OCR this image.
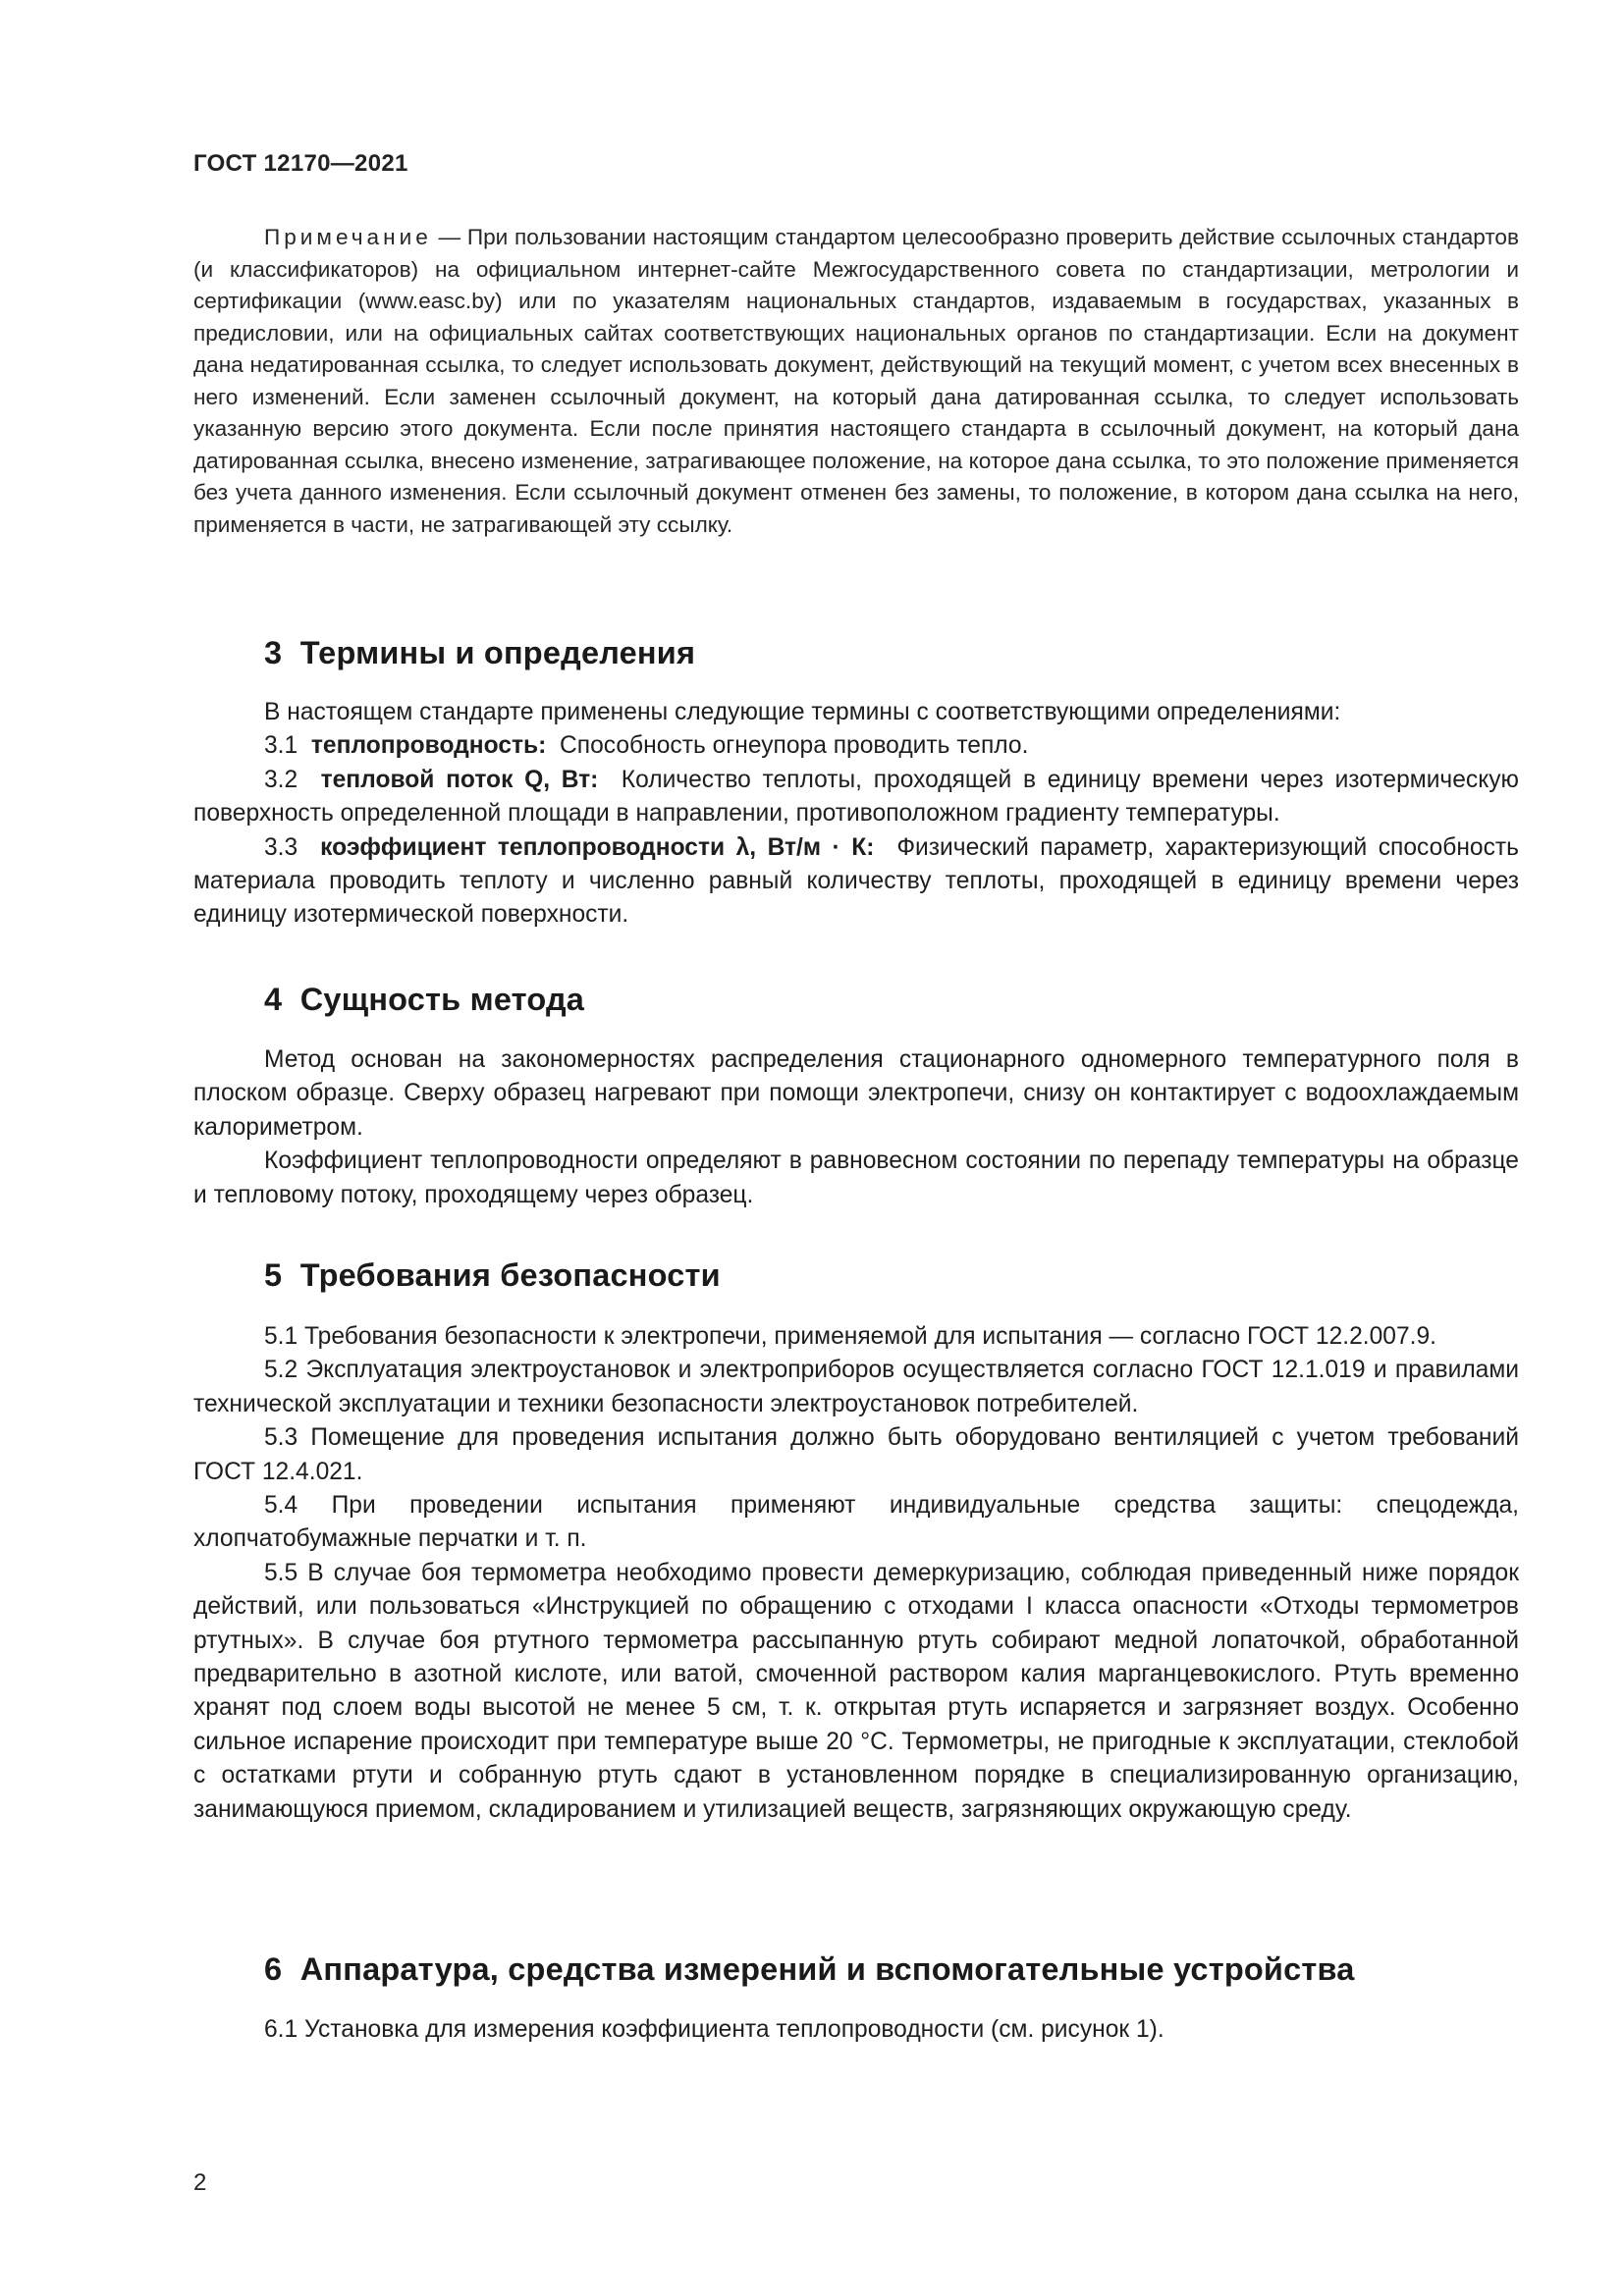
ГОСТ 12170—2021

Примечание — При пользовании настоящим стандартом целесообразно проверить действие ссылочных стандартов (и классификаторов) на официальном интернет-сайте Межгосударственного совета по стандартизации, метрологии и сертификации (www.easc.by) или по указателям национальных стандартов, издаваемым в государствах, указанных в предисловии, или на официальных сайтах соответствующих национальных органов по стандартизации. Если на документ дана недатированная ссылка, то следует использовать документ, действующий на текущий момент, с учетом всех внесенных в него изменений. Если заменен ссылочный документ, на который дана датированная ссылка, то следует использовать указанную версию этого документа. Если после принятия настоящего стандарта в ссылочный документ, на который дана датированная ссылка, внесено изменение, затрагивающее положение, на которое дана ссылка, то это положение применяется без учета данного изменения. Если ссылочный документ отменен без замены, то положение, в котором дана ссылка на него, применяется в части, не затрагивающей эту ссылку.

3 Термины и определения

В настоящем стандарте применены следующие термины с соответствующими определениями:

3.1 теплопроводность: Способность огнеупора проводить тепло.

3.2 тепловой поток Q, Вт: Количество теплоты, проходящей в единицу времени через изотермическую поверхность определенной площади в направлении, противоположном градиенту температуры.

3.3 коэффициент теплопроводности λ, Вт/м · К: Физический параметр, характеризующий способность материала проводить теплоту и численно равный количеству теплоты, проходящей в единицу времени через единицу изотермической поверхности.

4 Сущность метода

Метод основан на закономерностях распределения стационарного одномерного температурного поля в плоском образце. Сверху образец нагревают при помощи электропечи, снизу он контактирует с водоохлаждаемым калориметром.

Коэффициент теплопроводности определяют в равновесном состоянии по перепаду температуры на образце и тепловому потоку, проходящему через образец.

5 Требования безопасности

5.1 Требования безопасности к электропечи, применяемой для испытания — согласно ГОСТ 12.2.007.9.

5.2 Эксплуатация электроустановок и электроприборов осуществляется согласно ГОСТ 12.1.019 и правилами технической эксплуатации и техники безопасности электроустановок потребителей.

5.3 Помещение для проведения испытания должно быть оборудовано вентиляцией с учетом требований ГОСТ 12.4.021.

5.4 При проведении испытания применяют индивидуальные средства защиты: спецодежда, хлопчатобумажные перчатки и т. п.

5.5 В случае боя термометра необходимо провести демеркуризацию, соблюдая приведенный ниже порядок действий, или пользоваться «Инструкцией по обращению с отходами I класса опасности «Отходы термометров ртутных». В случае боя ртутного термометра рассыпанную ртуть собирают медной лопаточкой, обработанной предварительно в азотной кислоте, или ватой, смоченной раствором калия марганцевокислого. Ртуть временно хранят под слоем воды высотой не менее 5 см, т. к. открытая ртуть испаряется и загрязняет воздух. Особенно сильное испарение происходит при температуре выше 20 °С. Термометры, не пригодные к эксплуатации, стеклобой с остатками ртути и собранную ртуть сдают в установленном порядке в специализированную организацию, занимающуюся приемом, складированием и утилизацией веществ, загрязняющих окружающую среду.

6 Аппаратура, средства измерений и вспомогательные устройства

6.1 Установка для измерения коэффициента теплопроводности (см. рисунок 1).

2
